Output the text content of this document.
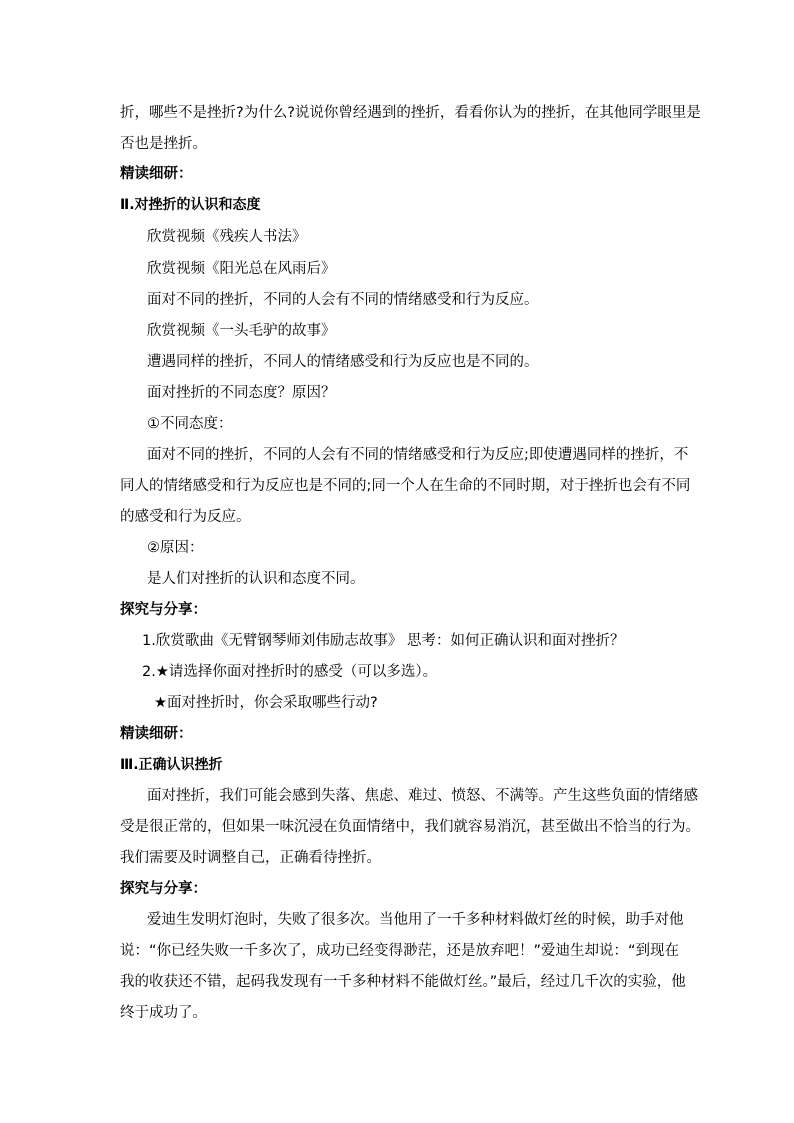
折，哪些不是挫折?为什么?说说你曾经遇到的挫折，看看你认为的挫折，在其他同学眼里是
否也是挫折。
精读细研：
Ⅱ.对挫折的认识和态度
欣赏视频《残疾人书法》
欣赏视频《阳光总在风雨后》
面对不同的挫折，不同的人会有不同的情绪感受和行为反应。
欣赏视频《一头毛驴的故事》
遭遇同样的挫折，不同人的情绪感受和行为反应也是不同的。
面对挫折的不同态度？原因？
①不同态度：
面对不同的挫折，不同的人会有不同的情绪感受和行为反应;即使遭遇同样的挫折，不
同人的情绪感受和行为反应也是不同的;同一个人在生命的不同时期，对于挫折也会有不同
的感受和行为反应。
②原因：
是人们对挫折的认识和态度不同。
探究与分享：
1.欣赏歌曲《无臂钢琴师刘伟励志故事》 思考：如何正确认识和面对挫折？
2.★请选择你面对挫折时的感受（可以多选）。
★面对挫折时，你会采取哪些行动?
精读细研：
Ⅲ.正确认识挫折
面对挫折，我们可能会感到失落、焦虑、难过、愤怒、不满等。产生这些负面的情绪感
受是很正常的，但如果一味沉浸在负面情绪中，我们就容易消沉，甚至做出不恰当的行为。
我们需要及时调整自己，正确看待挫折。
探究与分享：
爱迪生发明灯泡时，失败了很多次。当他用了一千多种材料做灯丝的时候，助手对他
说：“你已经失败一千多次了，成功已经变得渺茫，还是放弃吧！”爱迪生却说：“到现在
我的收获还不错，起码我发现有一千多种材料不能做灯丝。”最后，经过几千次的实验，他
终于成功了。
